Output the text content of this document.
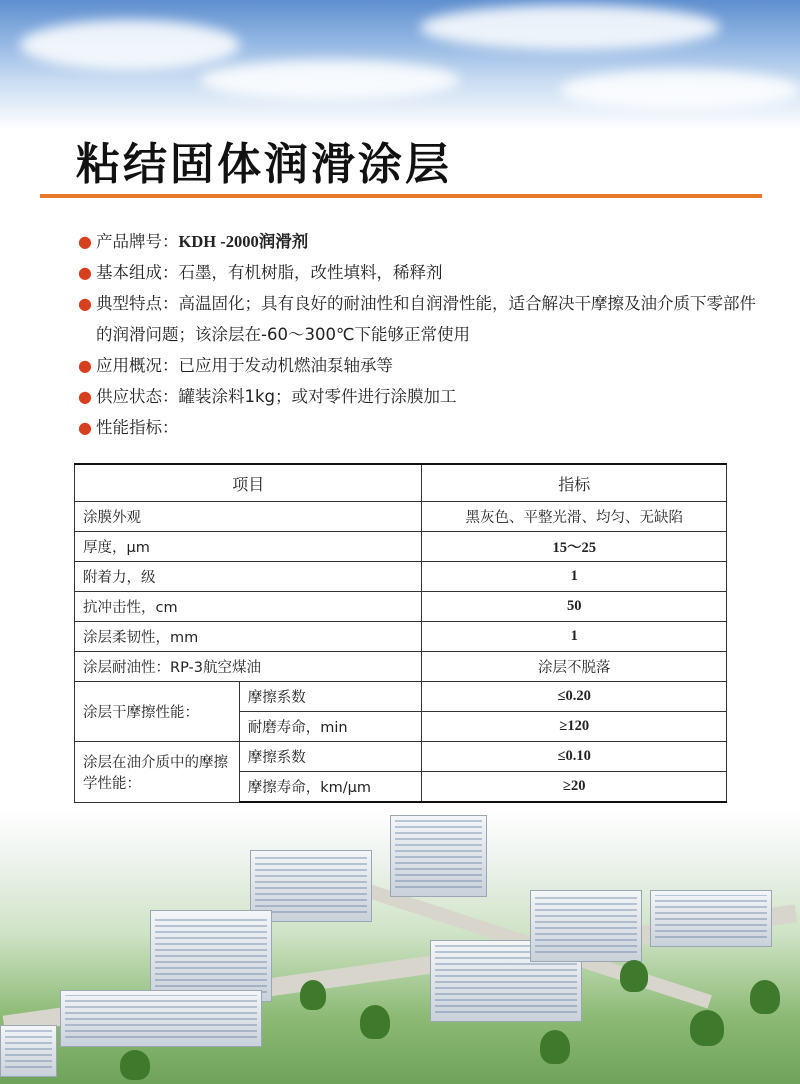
粘结固体润滑涂层
● 产品牌号：KDH -2000润滑剂
● 基本组成：石墨，有机树脂，改性填料，稀释剂
● 典型特点：高温固化；具有良好的耐油性和自润滑性能，适合解决干摩擦及油介质下零部件的润滑问题；该涂层在-60～300℃下能够正常使用
● 应用概况：已应用于发动机燃油泵轴承等
● 供应状态：罐装涂料1kg；或对零件进行涂膜加工
● 性能指标：
项目		指标
涂膜外观		黑灰色、平整光滑、均匀、无缺陷
厚度，μm		15～25
附着力，级		1
抗冲击性，cm		50
涂层柔韧性，mm		1
涂层耐油性：RP-3航空煤油		涂层不脱落
涂层干摩擦性能：	摩擦系数	≤0.20
	耐磨寿命，min	≥120
涂层在油介质中的摩擦学性能：	摩擦系数	≤0.10
	摩擦寿命，km/μm	≥20
